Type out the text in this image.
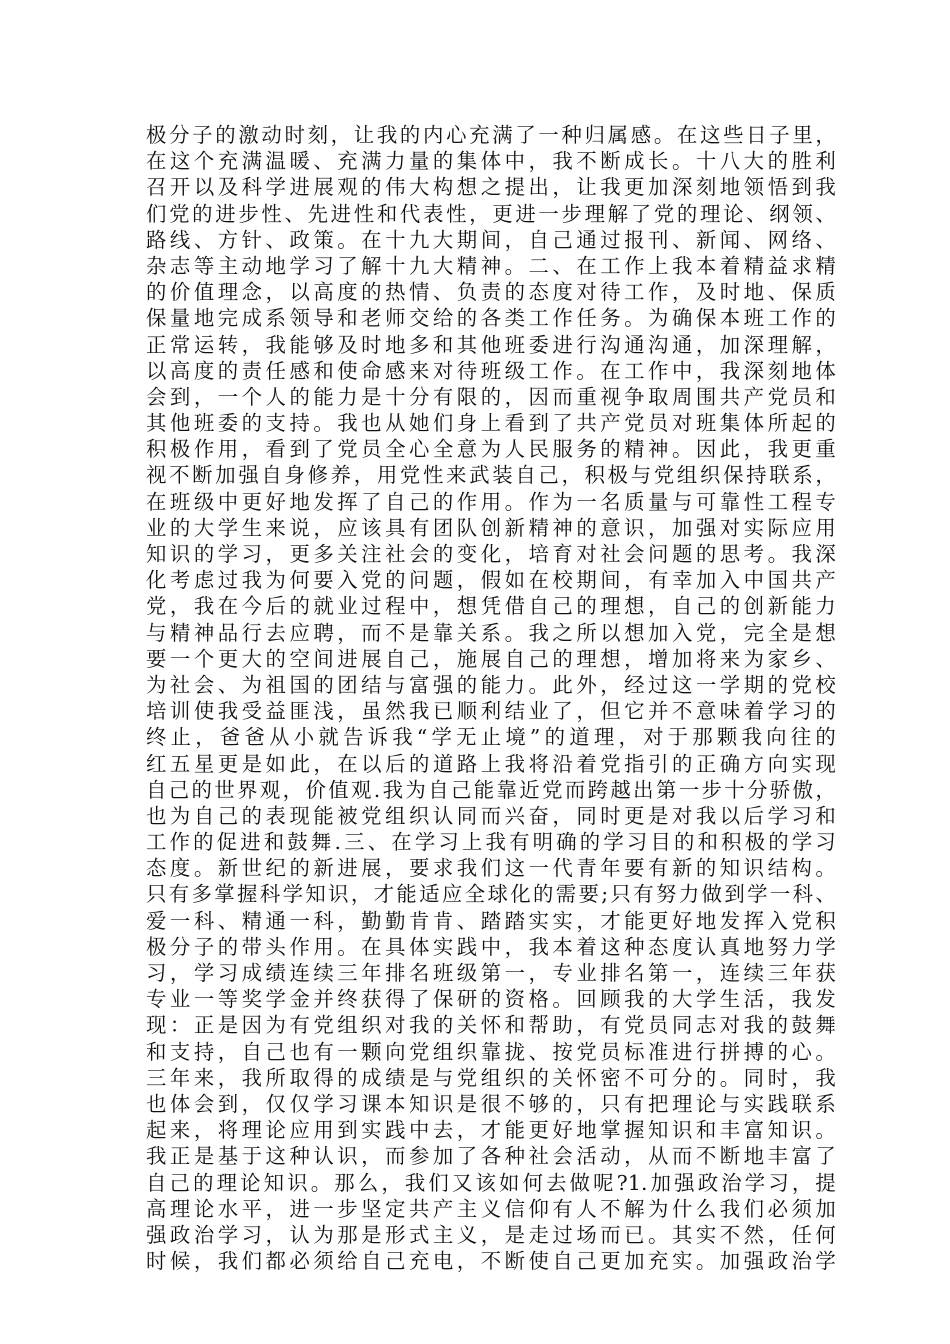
极分子的激动时刻，让我的内心充满了一种归属感。在这些日子里，
在这个充满温暖、充满力量的集体中，我不断成长。十八大的胜利
召开以及科学进展观的伟大构想之提出，让我更加深刻地领悟到我
们党的进步性、先进性和代表性，更进一步理解了党的理论、纲领、
路线、方针、政策。在十九大期间，自己通过报刊、新闻、网络、
杂志等主动地学习了解十九大精神。二、在工作上我本着精益求精
的价值理念，以高度的热情、负责的态度对待工作，及时地、保质
保量地完成系领导和老师交给的各类工作任务。为确保本班工作的
正常运转，我能够及时地多和其他班委进行沟通沟通，加深理解，
以高度的责任感和使命感来对待班级工作。在工作中，我深刻地体
会到，一个人的能力是十分有限的，因而重视争取周围共产党员和
其他班委的支持。我也从她们身上看到了共产党员对班集体所起的
积极作用，看到了党员全心全意为人民服务的精神。因此，我更重
视不断加强自身修养，用党性来武装自己，积极与党组织保持联系，
在班级中更好地发挥了自己的作用。作为一名质量与可靠性工程专
业的大学生来说，应该具有团队创新精神的意识，加强对实际应用
知识的学习，更多关注社会的变化，培育对社会问题的思考。我深
化考虑过我为何要入党的问题，假如在校期间，有幸加入中国共产
党，我在今后的就业过程中，想凭借自己的理想，自己的创新能力
与精神品行去应聘，而不是靠关系。我之所以想加入党，完全是想
要一个更大的空间进展自己，施展自己的理想，增加将来为家乡、
为社会、为祖国的团结与富强的能力。此外，经过这一学期的党校
培训使我受益匪浅，虽然我已顺利结业了，但它并不意味着学习的
终止，爸爸从小就告诉我“学无止境”的道理，对于那颗我向往的
红五星更是如此，在以后的道路上我将沿着党指引的正确方向实现
自己的世界观，价值观.我为自己能靠近党而跨越出第一步十分骄傲，
也为自己的表现能被党组织认同而兴奋，同时更是对我以后学习和
工作的促进和鼓舞.三、在学习上我有明确的学习目的和积极的学习
态度。新世纪的新进展，要求我们这一代青年要有新的知识结构。
只有多掌握科学知识，才能适应全球化的需要;只有努力做到学一科、
爱一科、精通一科，勤勤肯肯、踏踏实实，才能更好地发挥入党积
极分子的带头作用。在具体实践中，我本着这种态度认真地努力学
习，学习成绩连续三年排名班级第一，专业排名第一，连续三年获
专业一等奖学金并终获得了保研的资格。回顾我的大学生活，我发
现：正是因为有党组织对我的关怀和帮助，有党员同志对我的鼓舞
和支持，自己也有一颗向党组织靠拢、按党员标准进行拼搏的心。
三年来，我所取得的成绩是与党组织的关怀密不可分的。同时，我
也体会到，仅仅学习课本知识是很不够的，只有把理论与实践联系
起来，将理论应用到实践中去，才能更好地掌握知识和丰富知识。
我正是基于这种认识，而参加了各种社会活动，从而不断地丰富了
自己的理论知识。那么，我们又该如何去做呢?1.加强政治学习，提
高理论水平，进一步坚定共产主义信仰有人不解为什么我们必须加
强政治学习，认为那是形式主义，是走过场而已。其实不然，任何
时候，我们都必须给自己充电，不断使自己更加充实。加强政治学
